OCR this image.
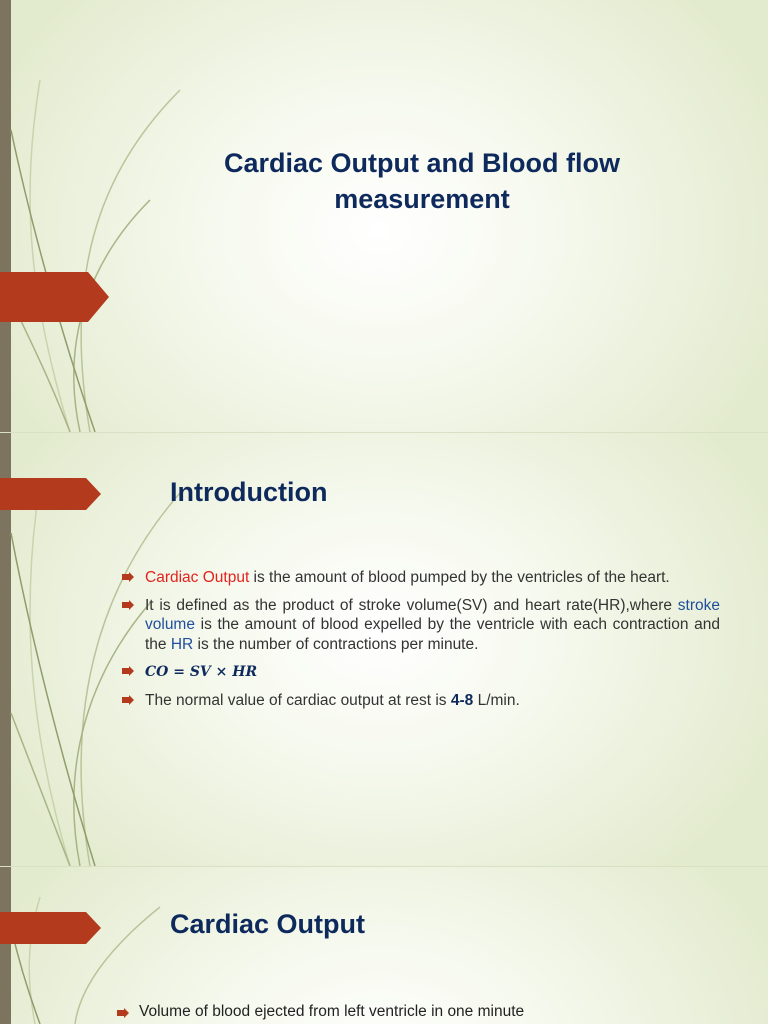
Cardiac Output and Blood flow measurement
Introduction
Cardiac Output is the amount of blood pumped by the ventricles of the heart.
It is defined as the product of stroke volume(SV) and heart rate(HR),where stroke volume is the amount of blood expelled by the ventricle with each contraction and the HR is the number of contractions per minute.
CO = SV × HR
The normal value of cardiac output at rest is 4-8 L/min.
Cardiac Output
Volume of blood ejected from left ventricle in one minute
